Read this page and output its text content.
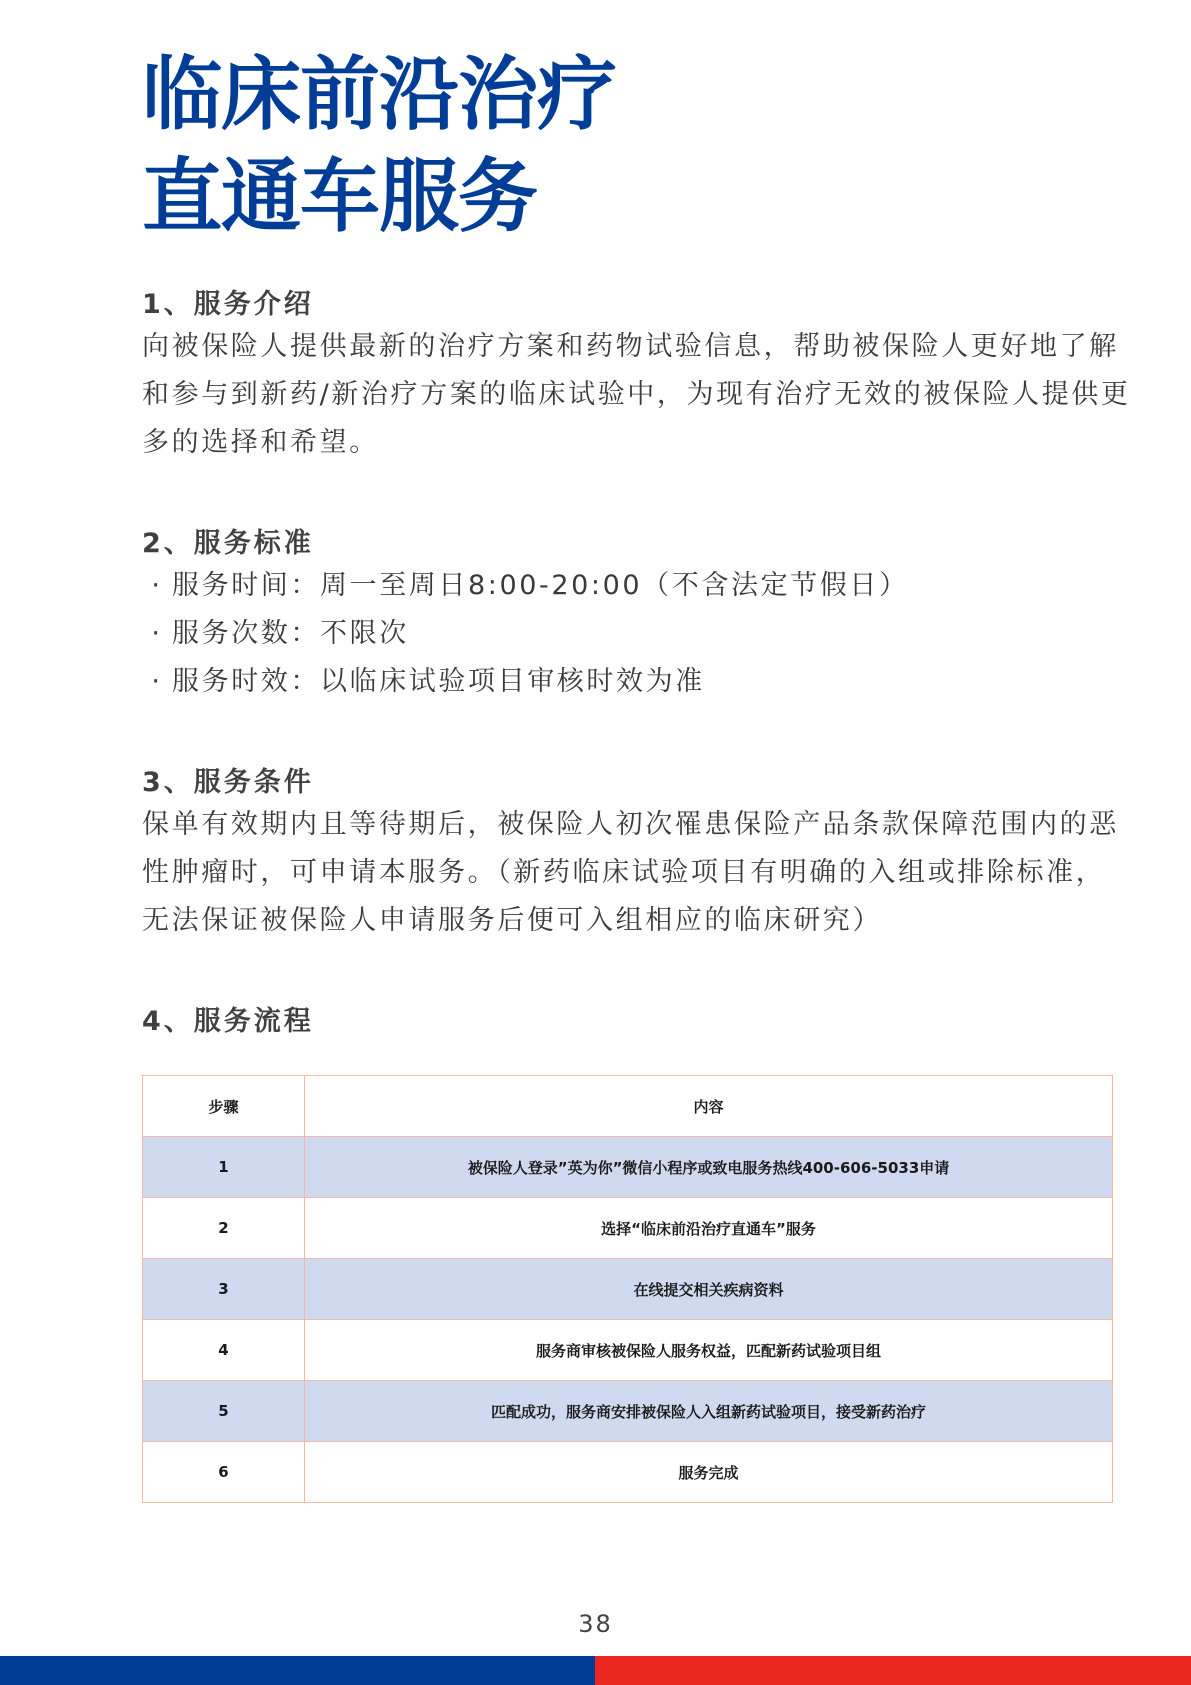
临床前沿治疗
直通车服务
1、服务介绍

向被保险人提供最新的治疗方案和药物试验信息，帮助被保险人更好地了解和参与到新药/新治疗方案的临床试验中，为现有治疗无效的被保险人提供更多的选择和希望。

2、服务标准
· 服务时间：周一至周日8:00-20:00（不含法定节假日）
· 服务次数：不限次
· 服务时效：以临床试验项目审核时效为准
3、服务条件

保单有效期内且等待期后，被保险人初次罹患保险产品条款保障范围内的恶性肿瘤时，可申请本服务。（新药临床试验项目有明确的入组或排除标准，无法保证被保险人申请服务后便可入组相应的临床研究）

4、服务流程
步骤	内容
1	被保险人登录”英为你”微信小程序或致电服务热线400-606-5033申请
2	选择“临床前沿治疗直通车”服务
3	在线提交相关疾病资料
4	服务商审核被保险人服务权益，匹配新药试验项目组
5	匹配成功，服务商安排被保险人入组新药试验项目，接受新药治疗
6	服务完成
38
